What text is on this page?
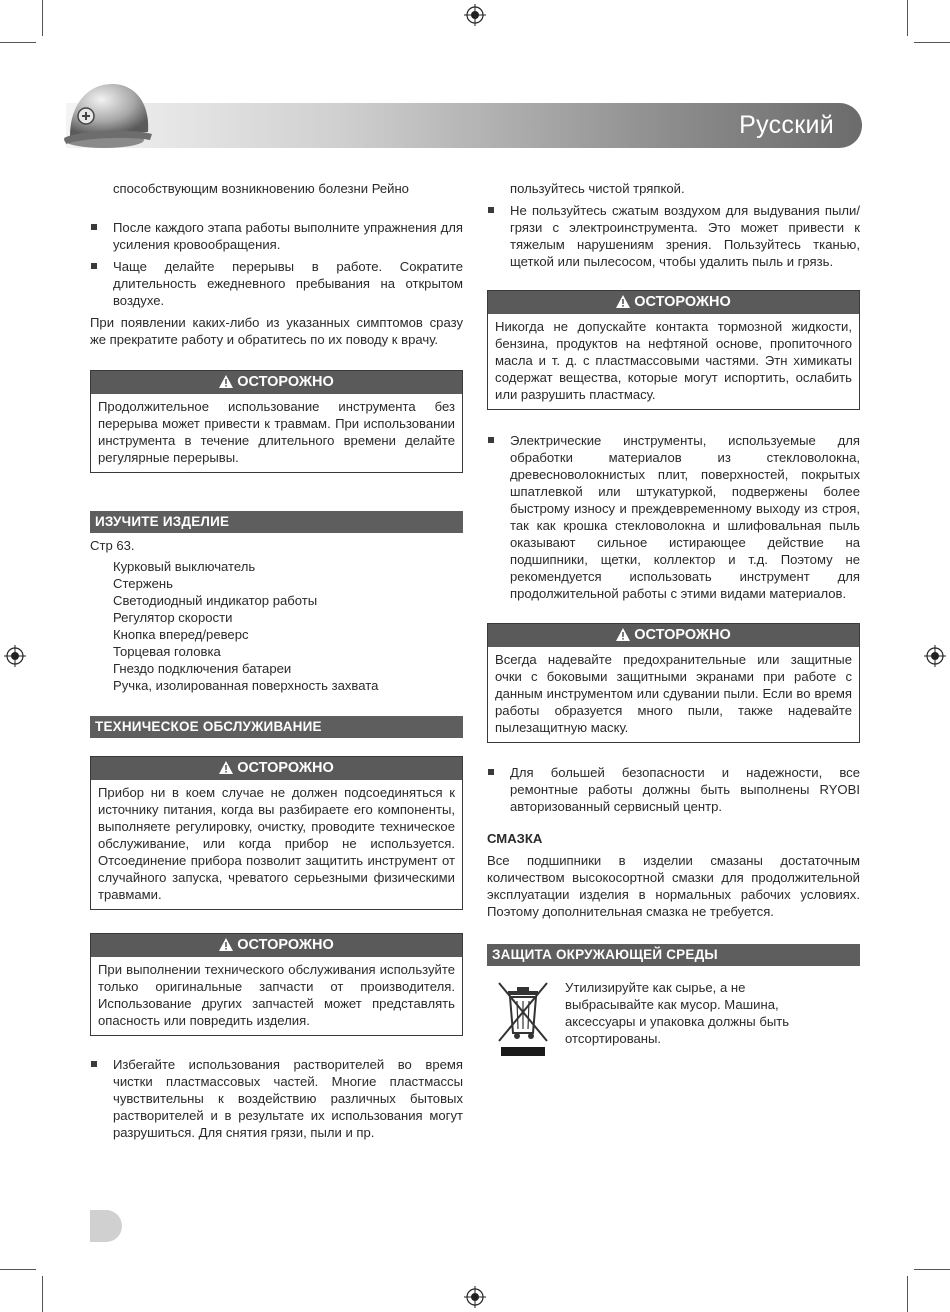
Русский

способствующим возникновению болезни Рейно

После каждого этапа работы выполните упражнения для усиления кровообращения.
Чаще делайте перерывы в работе. Сократите длительность ежедневного пребывания на открытом воздухе.

При появлении каких-либо из указанных симптомов сразу же прекратите работу и обратитесь по их поводу к врачу.

ОСТОРОЖНО
Продолжительное использование инструмента без перерыва может привести к травмам. При использовании инструмента в течение длительного времени делайте регулярные перерывы.
ИЗУЧИТЕ ИЗДЕЛИЕ

Стр 63.

Курковый выключатель
Стержень
Светодиодный индикатор работы
Регулятор скорости
Кнопка вперед/реверс
Торцевая головка
Гнездо подключения батареи
Ручка, изолированная поверхность захвата
ТЕХНИЧЕСКОЕ ОБСЛУЖИВАНИЕ
ОСТОРОЖНО
Прибор ни в коем случае не должен подсоединяться к источнику питания, когда вы разбираете его компоненты, выполняете регулировку, очистку, проводите техническое обслуживание, или когда прибор не используется. Отсоединение прибора позволит защитить инструмент от случайного запуска, чреватого серьезными физическими травмами.
ОСТОРОЖНО
При выполнении технического обслуживания используйте только оригинальные запчасти от производителя. Использование других запчастей может представлять опасность или повредить изделия.
Избегайте использования растворителей во время чистки пластмассовых частей. Многие пластмассы чувствительны к воздействию различных бытовых растворителей и в результате их использования могут разрушиться. Для снятия грязи, пыли и пр.

пользуйтесь чистой тряпкой.

Не пользуйтесь сжатым воздухом для выдувания пыли/грязи с электроинструмента. Это может привести к тяжелым нарушениям зрения. Пользуйтесь тканью, щеткой или пылесосом, чтобы удалить пыль и грязь.
ОСТОРОЖНО
Никогда не допускайте контакта тормозной жидкости, бензина, продуктов на нефтяной основе, пропиточного масла и т. д. с пластмассовыми частями. Этн химикаты содержат вещества, которые могут испортить, ослабить или разрушить пластмасу.
Электрические инструменты, используемые для обработки материалов из стекловолокна, древесноволокнистых плит, поверхностей, покрытых шпатлевкой или штукатуркой, подвержены более быстрому износу и преждевременному выходу из строя, так как крошка стекловолокна и шлифовальная пыль оказывают сильное истирающее действие на подшипники, щетки, коллектор и т.д. Поэтому не рекомендуется использовать инструмент для продолжительной работы с этими видами материалов.
ОСТОРОЖНО
Всегда надевайте предохранительные или защитные очки с боковыми защитными экранами при работе с данным инструментом или сдувании пыли. Если во время работы образуется много пыли, также надевайте пылезащитную маску.
Для большей безопасности и надежности, все ремонтные работы должны быть выполнены RYOBI авторизованный сервисный центр.

СМАЗКА

Все подшипники в изделии смазаны достаточным количеством высокосортной смазки для продолжительной эксплуатации изделия в нормальных рабочих условиях. Поэтому дополнительная смазка не требуется.

ЗАЩИТА ОКРУЖАЮЩЕЙ СРЕДЫ

Утилизируйте как сырье, а не выбрасывайте как мусор. Машина, аксессуары и упаковка должны быть отсортированы.
